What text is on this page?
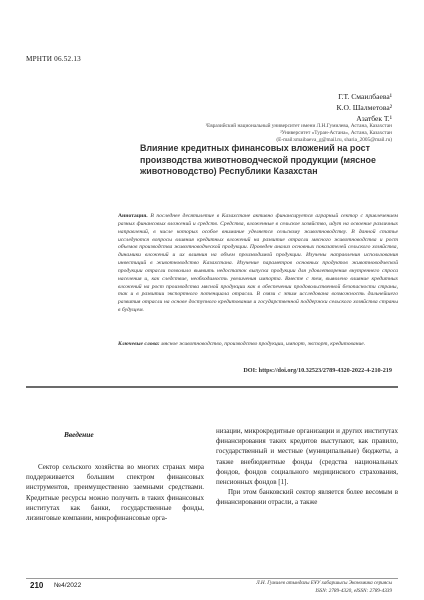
МРНТИ 06.52.13
Г.Т. Смаилбаева¹
К.О. Шалметова²
Азатбек Т.¹
¹Евразийский национальный университет имени Л.Н.Гумилева, Астана, Казахстан
²Университет «Туран-Астана», Астана, Казахстан
(E-mail:smaibaeva_g@mail.ru, sharia_2005@mail.ru)
Влияние кредитных финансовых вложений на рост производства животноводческой продукции (мясное животноводство) Республики Казахстан
Аннотация. В последнее десятилетие в Казахстане активно финансируется аграрный сектор с привлечением разных финансовых вложений и средств. Средства, вложенные в сельское хозяйство, идут на освоение различных направлений, в числе которых особое внимание уделяется сельскому животноводству. В данной статье исследуются вопросы влияния кредитных вложений на развитие отрасли мясного животноводства и рост объемов производства животноводческой продукции. Проведен анализ основных показателей сельского хозяйства, динамики вложений и их влияния на объем производимой продукции. Изучены направления использования инвестиций в животноводство Казахстана. Изучение параметров основных продуктов животноводческой продукции отрасли позволило выявить недостаток выпуска продукции для удовлетворения внутреннего спроса населения и, как следствие, необходимость увеличения импорта. Вместе с тем, выявлено влияние кредитных вложений на рост производства мясной продукции как в обеспечении продовольственной безопасности страны, так и в развитии экспортного потенциала отрасли. В связи с этим исследована возможность дальнейшего развития отрасли на основе доступного кредитования и государственной поддержки сельского хозяйства страны в будущем.
Ключевые слова: мясное животноводство, производство продукции, импорт, экспорт, кредитование.
DOI: https://doi.org/10.32523/2789-4320-2022-4-210-219
Введение
Сектор сельского хозяйства во многих странах мира поддерживается большим спектром финансовых инструментов, преимущественно заемными средствами. Кредитные ресурсы можно получить в таких финансовых институтах как банки, государственные фонды, лизинговые компании, микрофинансовые орга-
низации, микрокредитные организации и других институтах финансирования таких кредитов выступают, как правило, государственный и местные (муниципальные) бюджеты, а также внебюджетные фонды (средства национальных фондов, фондов социального медицинского страхования, пенсионных фондов [1].
При этом банковский сектор является более весомым в финансировании отрасли, а также
210 №4/2022	Л.Н. Гумилев атындағы ЕҰУ хабаршысы Экономика сериясы
ISSN: 2789-4320, eISSN: 2789-4339
